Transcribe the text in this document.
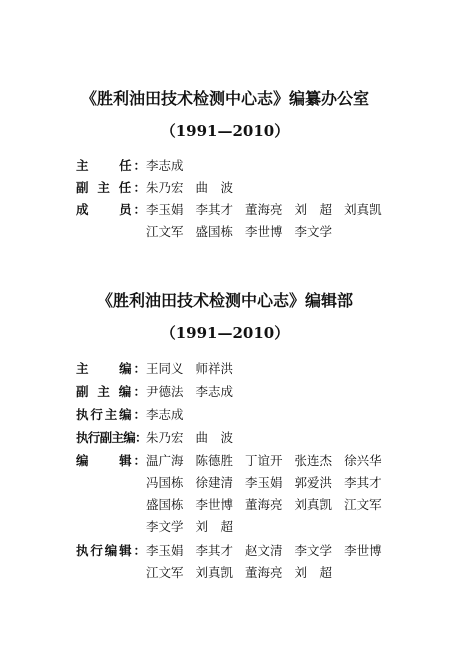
《胜利油田技术检测中心志》编纂办公室
（1991—2010）
主　　任：李志成
副 主 任：朱乃宏 曲　波
成　　员：李玉娟 李其才 董海亮 刘　超 刘真凯
江文军 盛国栋 李世博 李文学
《胜利油田技术检测中心志》编辑部
（1991—2010）
主　　编：王同义 师祥洪
副 主 编：尹德法 李志成
执行主编：李志成
执行副主编：朱乃宏 曲　波
编　　辑：温广海 陈德胜 丁谊开 张连杰 徐兴华
冯国栋 徐建清 李玉娟 郭爱洪 李其才
盛国栋 李世博 董海亮 刘真凯 江文军
李文学 刘　超
执行编辑：李玉娟 李其才 赵文清 李文学 李世博
江文军 刘真凯 董海亮 刘　超
